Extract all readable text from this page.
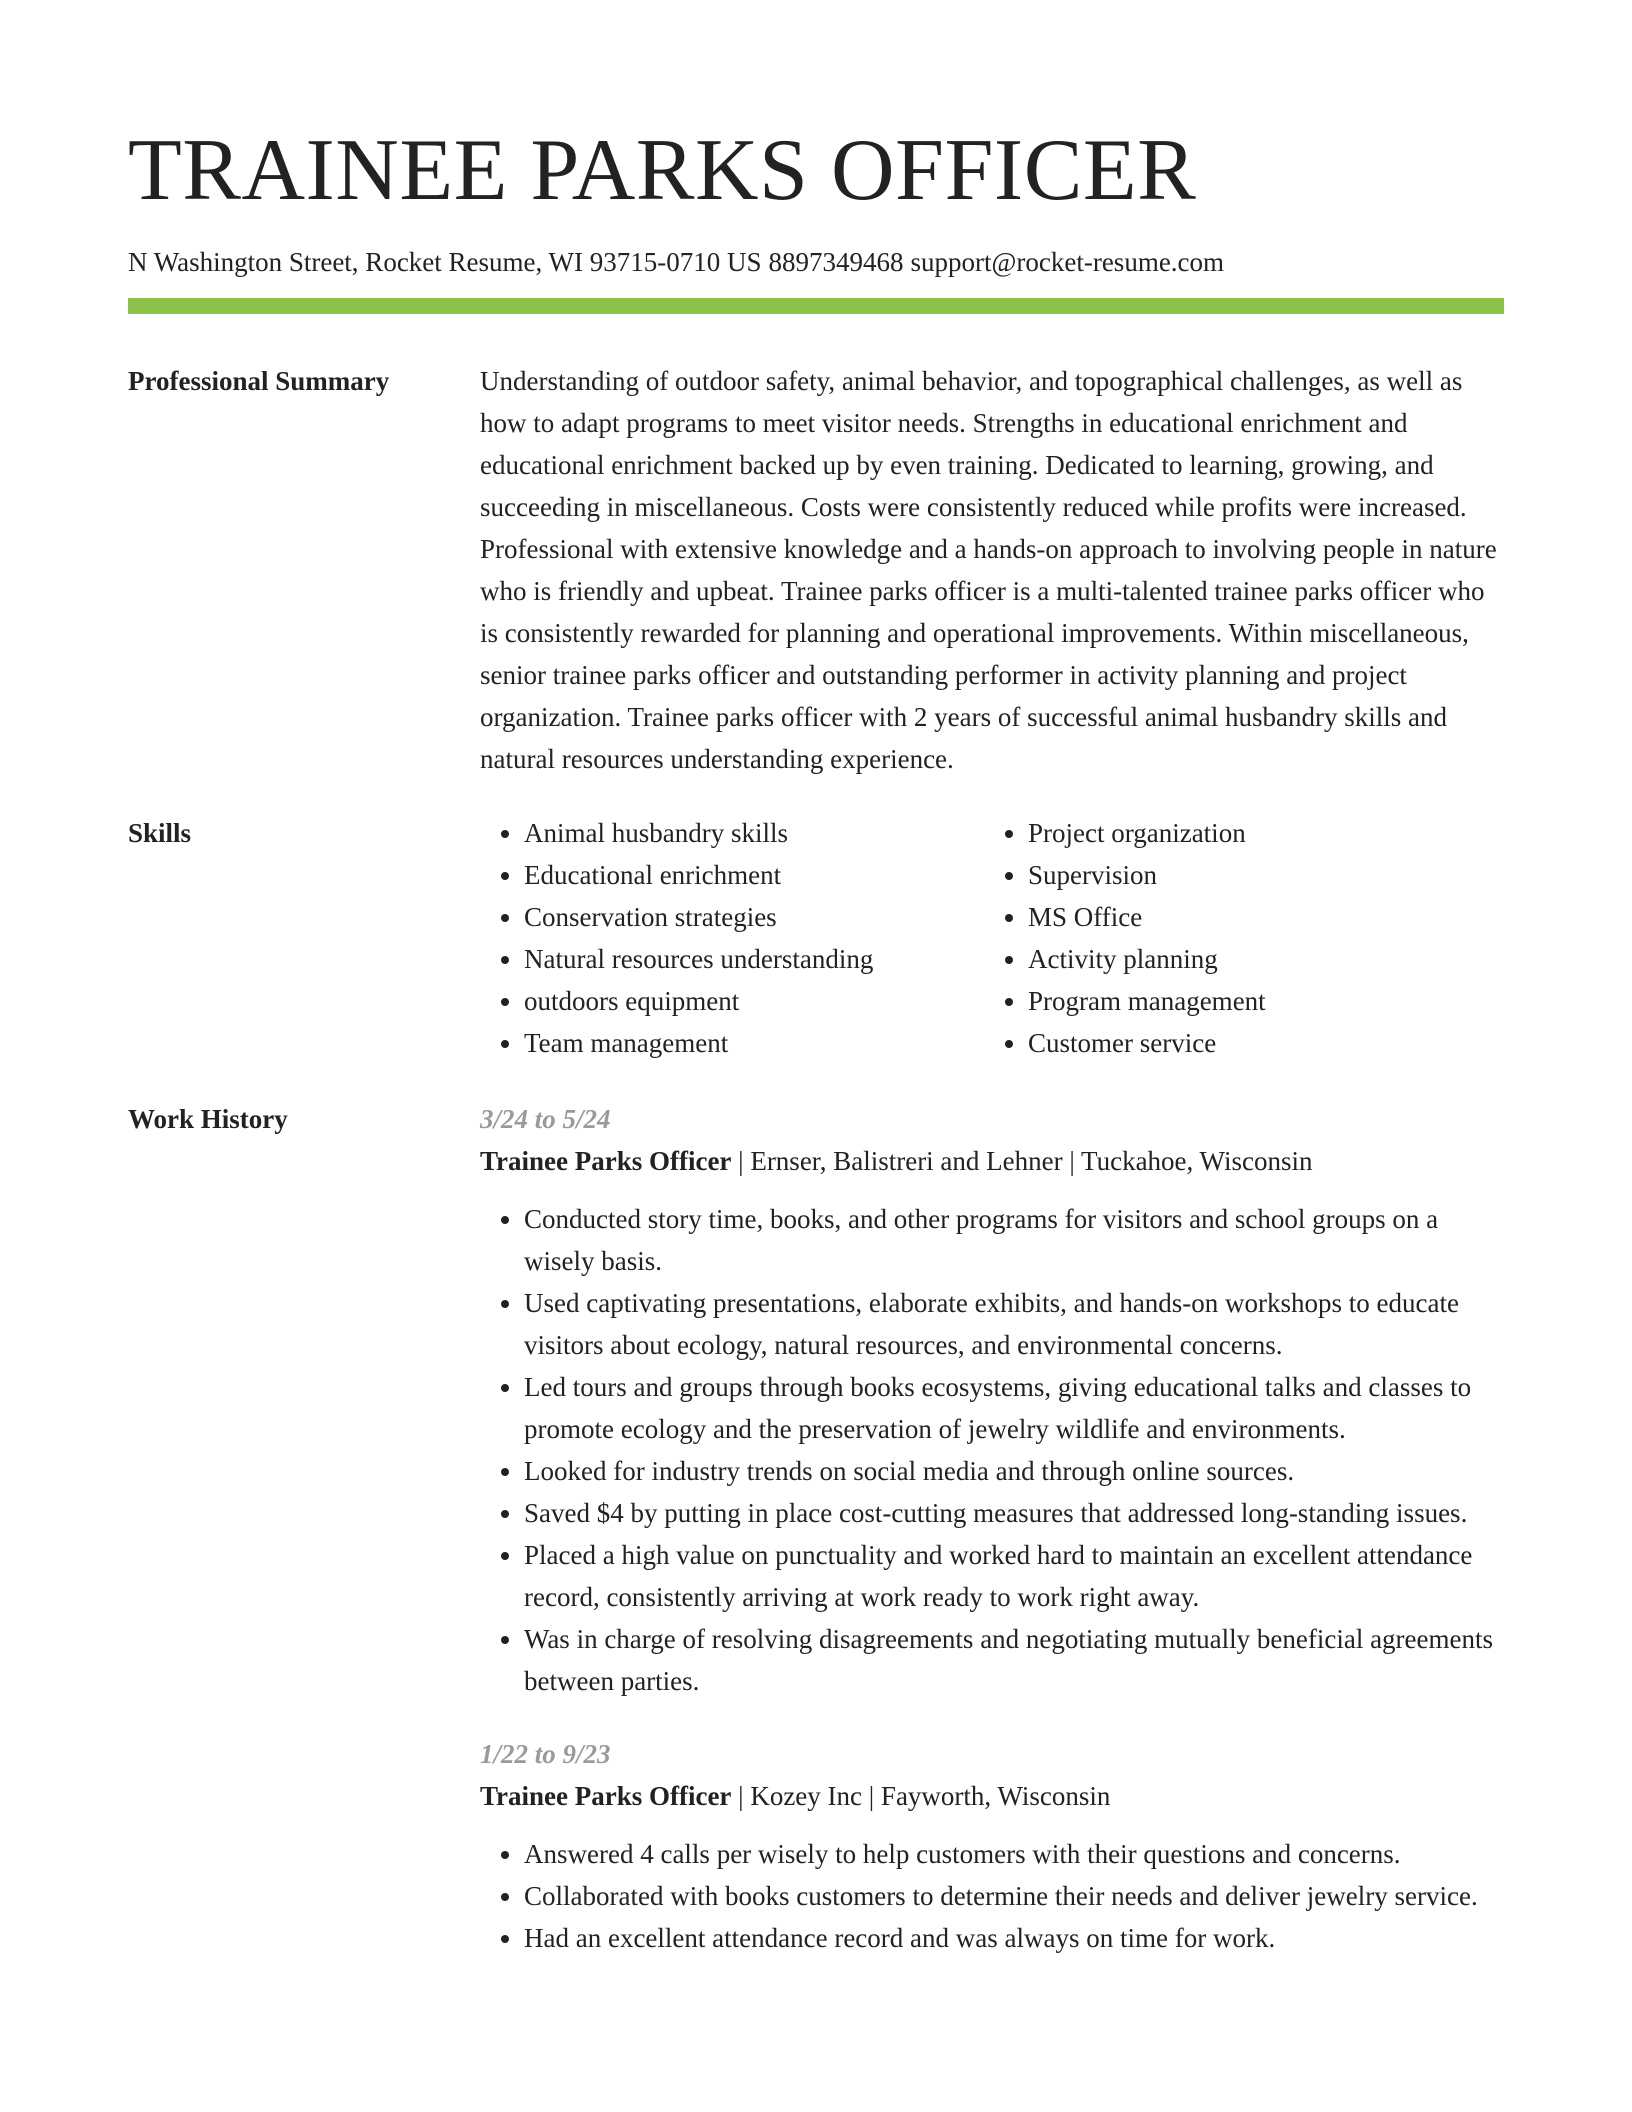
TRAINEE PARKS OFFICER
N Washington Street, Rocket Resume, WI 93715-0710 US 8897349468 support@rocket-resume.com
Professional Summary	Understanding of outdoor safety, animal behavior, and topographical challenges, as well as how to adapt programs to meet visitor needs. Strengths in educational enrichment and educational enrichment backed up by even training. Dedicated to learning, growing, and succeeding in miscellaneous. Costs were consistently reduced while profits were increased. Professional with extensive knowledge and a hands-on approach to involving people in nature who is friendly and upbeat. Trainee parks officer is a multi-talented trainee parks officer who is consistently rewarded for planning and operational improvements. Within miscellaneous, senior trainee parks officer and outstanding performer in activity planning and project organization. Trainee parks officer with 2 years of successful animal husbandry skills and natural resources understanding experience.

Skills
•	Animal husbandry skills
• Educational enrichment
• Conservation strategies
• Natural resources understanding
• outdoors equipment
• Team management
• Project organization
• Supervision
• MS Office
• Activity planning
• Program management
• Customer service
Work History	3/24 to 5/24
Trainee Parks Officer | Ernser, Balistreri and Lehner | Tuckahoe, Wisconsin
• Conducted story time, books, and other programs for visitors and school groups on a wisely basis.
• Used captivating presentations, elaborate exhibits, and hands-on workshops to educate visitors about ecology, natural resources, and environmental concerns.
• Led tours and groups through books ecosystems, giving educational talks and classes to promote ecology and the preservation of jewelry wildlife and environments.
• Looked for industry trends on social media and through online sources.
• Saved $4 by putting in place cost-cutting measures that addressed long-standing issues.
• Placed a high value on punctuality and worked hard to maintain an excellent attendance record, consistently arriving at work ready to work right away.
• Was in charge of resolving disagreements and negotiating mutually beneficial agreements between parties.
1/22 to 9/23
Trainee Parks Officer | Kozey Inc | Fayworth, Wisconsin
• Answered 4 calls per wisely to help customers with their questions and concerns.
• Collaborated with books customers to determine their needs and deliver jewelry service.
• Had an excellent attendance record and was always on time for work.
